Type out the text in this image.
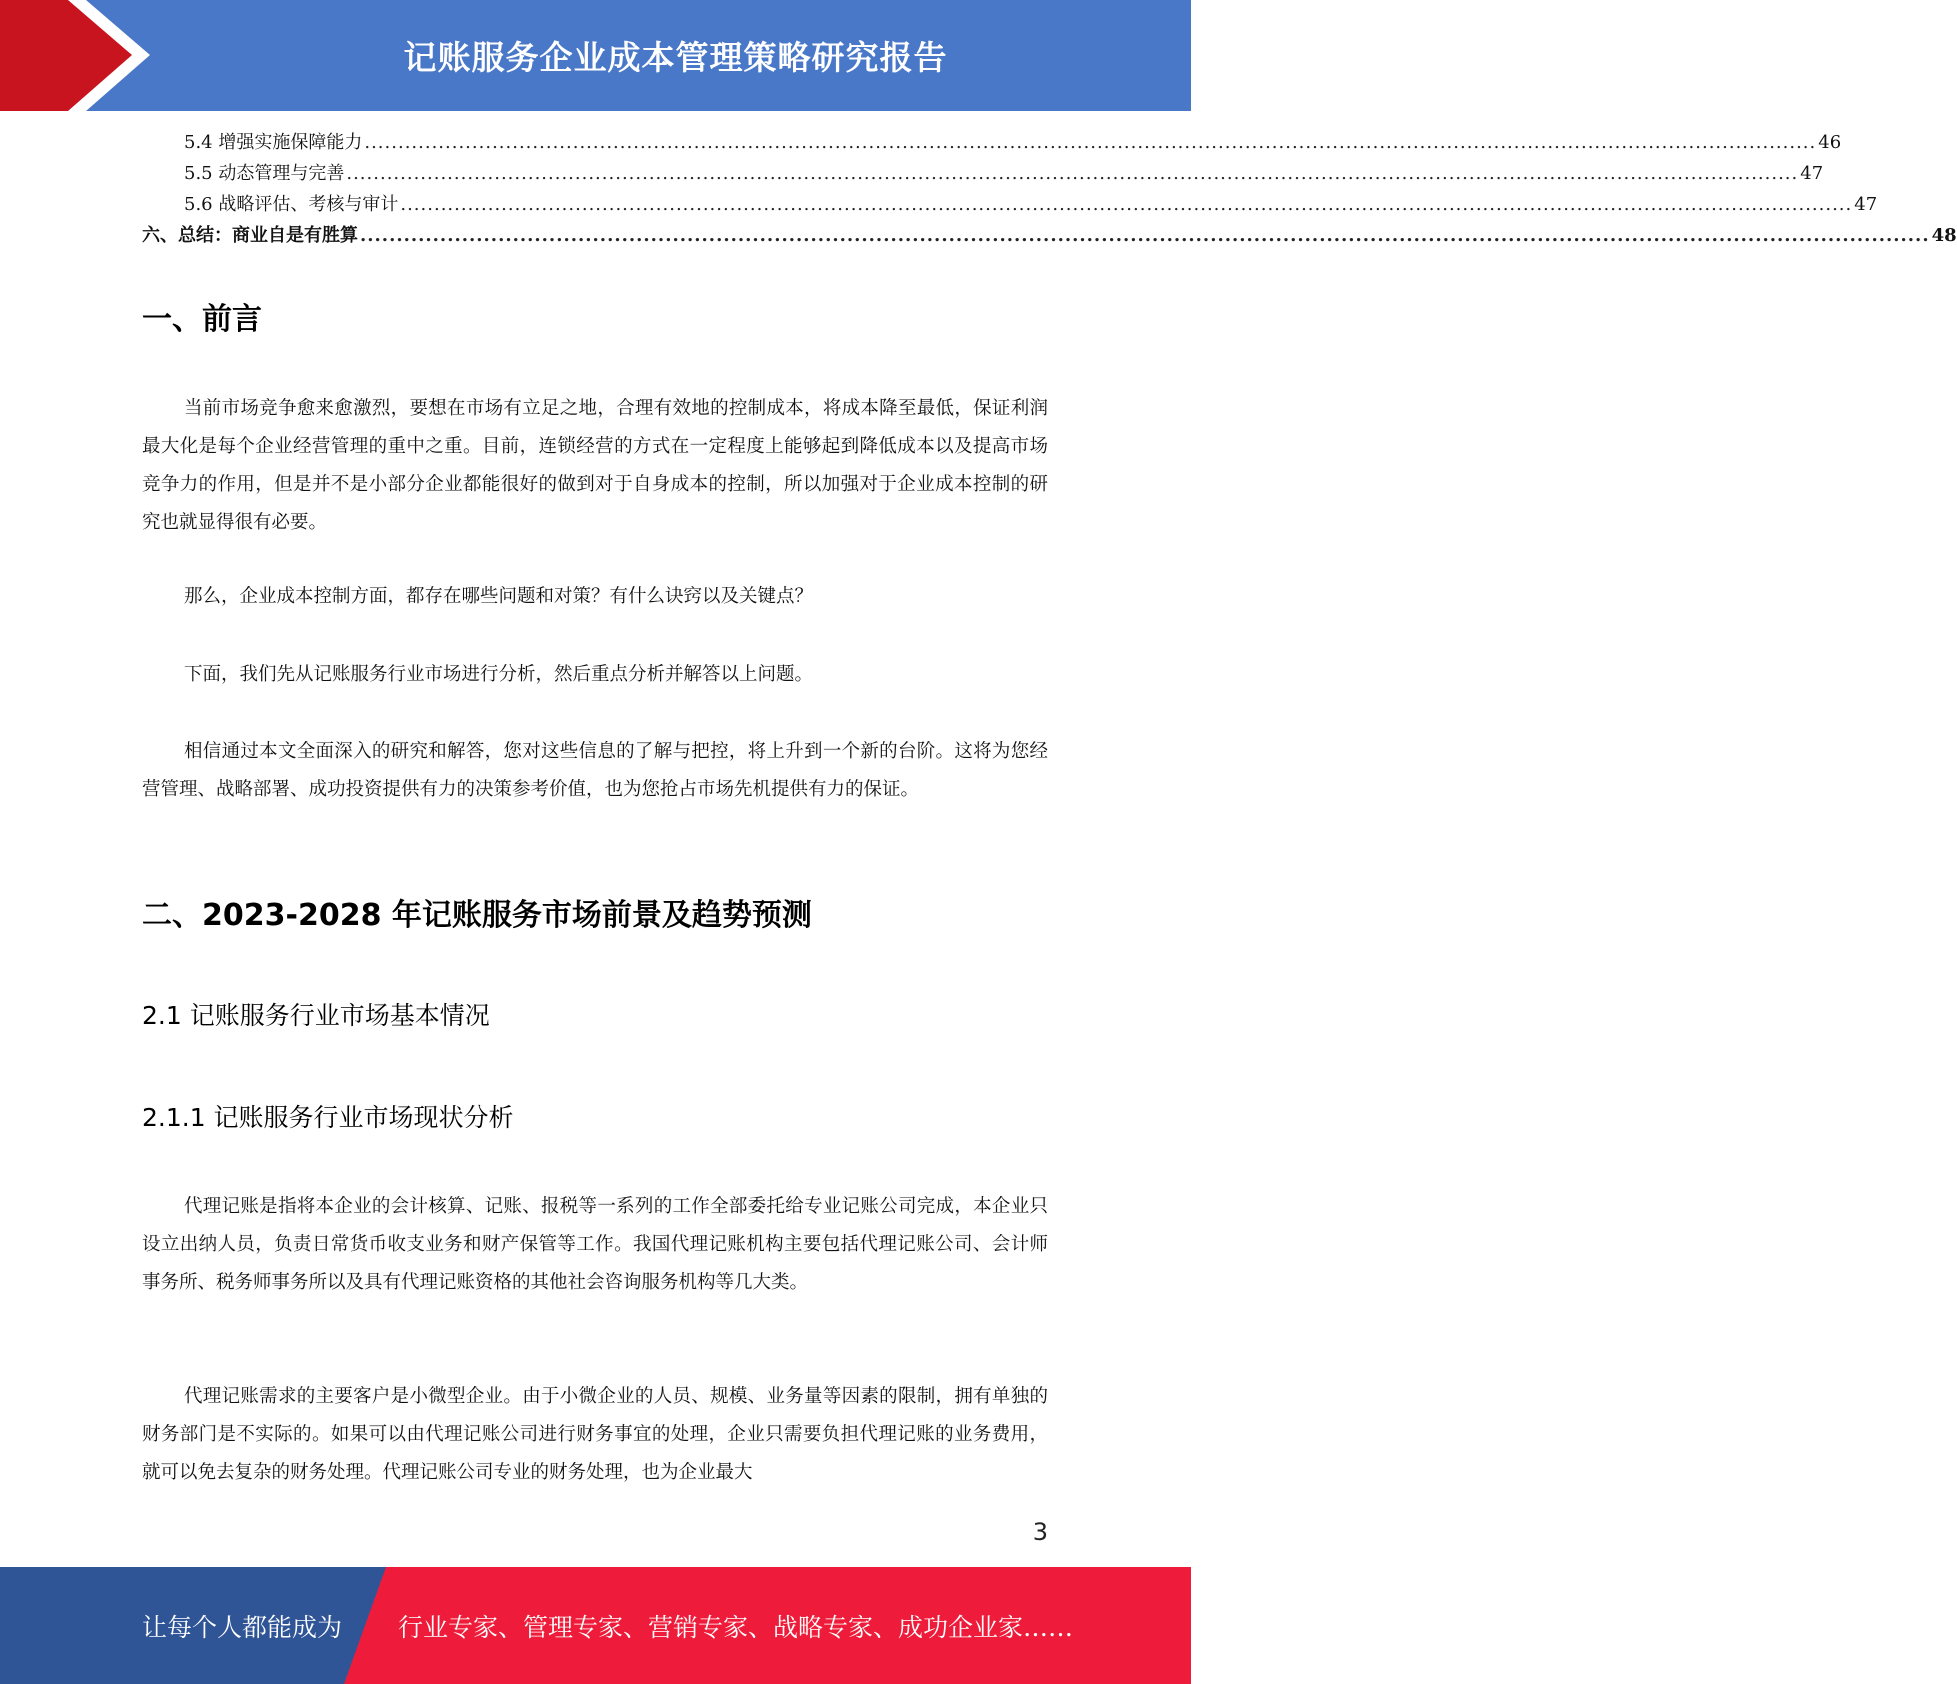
记账服务企业成本管理策略研究报告
5.4 增强实施保障能力 ........................................................................................................................................................................................................................ 46
5.5 动态管理与完善 ........................................................................................................................................................................................................................ 47
5.6 战略评估、考核与审计 ........................................................................................................................................................................................................................ 47
六、总结：商业自是有胜算 ........................................................................................................................................................................................................................ 48
一、前言

当前市场竞争愈来愈激烈，要想在市场有立足之地，合理有效地的控制成本，将成本降至最低，保证利润最大化是每个企业经营管理的重中之重。目前，连锁经营的方式在一定程度上能够起到降低成本以及提高市场竞争力的作用，但是并不是小部分企业都能很好的做到对于自身成本的控制，所以加强对于企业成本控制的研究也就显得很有必要。

那么，企业成本控制方面，都存在哪些问题和对策？有什么诀窍以及关键点？

下面，我们先从记账服务行业市场进行分析，然后重点分析并解答以上问题。

相信通过本文全面深入的研究和解答，您对这些信息的了解与把控，将上升到一个新的台阶。这将为您经营管理、战略部署、成功投资提供有力的决策参考价值，也为您抢占市场先机提供有力的保证。

二、2023-2028 年记账服务市场前景及趋势预测
2.1 记账服务行业市场基本情况
2.1.1 记账服务行业市场现状分析

代理记账是指将本企业的会计核算、记账、报税等一系列的工作全部委托给专业记账公司完成，本企业只设立出纳人员，负责日常货币收支业务和财产保管等工作。我国代理记账机构主要包括代理记账公司、会计师事务所、税务师事务所以及具有代理记账资格的其他社会咨询服务机构等几大类。

代理记账需求的主要客户是小微型企业。由于小微企业的人员、规模、业务量等因素的限制，拥有单独的财务部门是不实际的。如果可以由代理记账公司进行财务事宜的处理，企业只需要负担代理记账的业务费用，就可以免去复杂的财务处理。代理记账公司专业的财务处理，也为企业最大

3
让每个人都能成为 行业专家、管理专家、营销专家、战略专家、成功企业家……
